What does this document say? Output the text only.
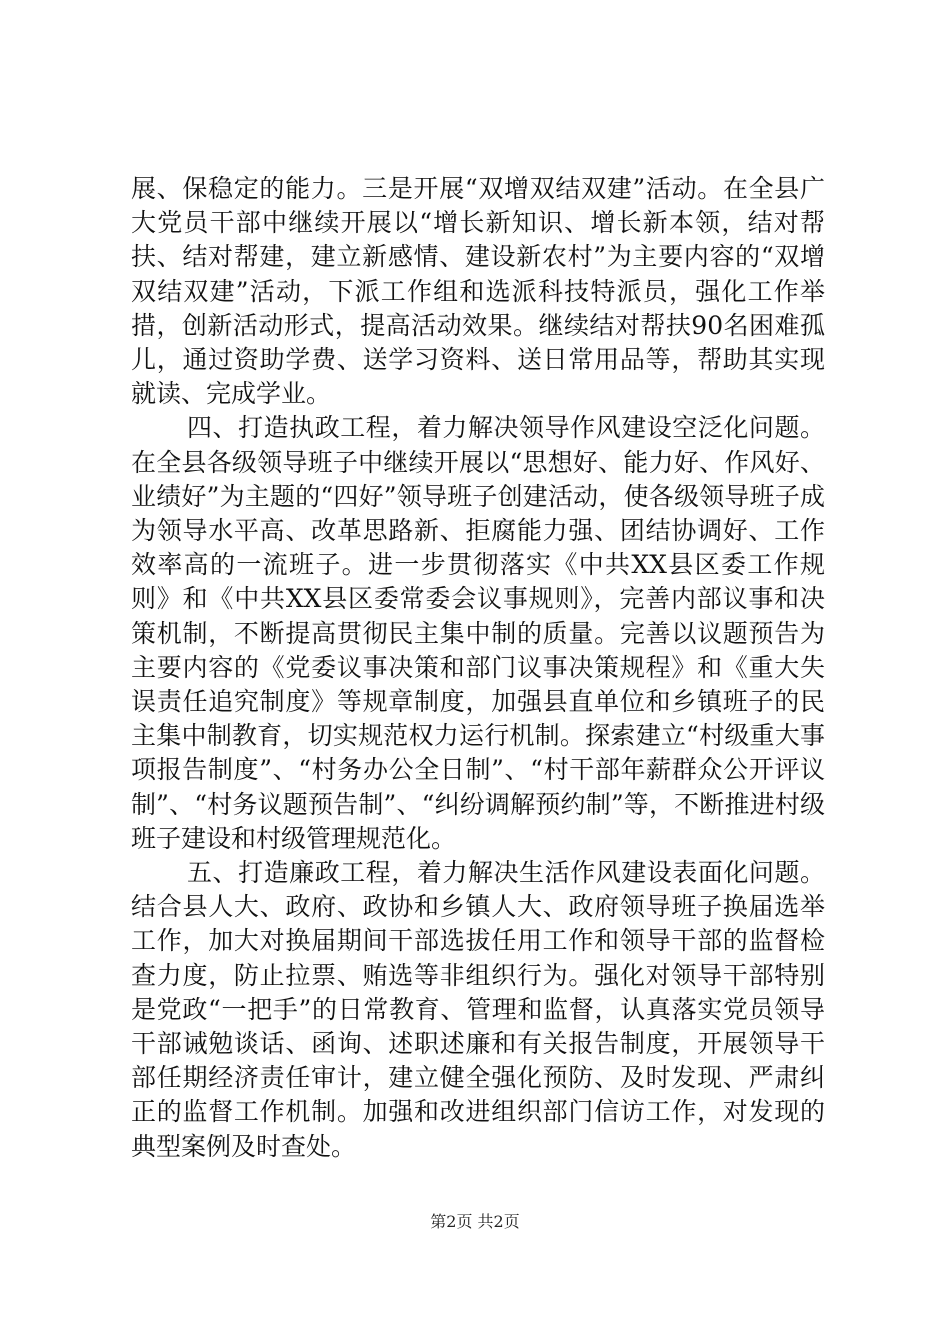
展、保稳定的能力。三是开展“双增双结双建”活动。在全县广大党员干部中继续开展以“增长新知识、增长新本领，结对帮扶、结对帮建，建立新感情、建设新农村”为主要内容的“双增双结双建”活动，下派工作组和选派科技特派员，强化工作举措，创新活动形式，提高活动效果。继续结对帮扶90名困难孤儿，通过资助学费、送学习资料、送日常用品等，帮助其实现就读、完成学业。

四、打造执政工程，着力解决领导作风建设空泛化问题。在全县各级领导班子中继续开展以“思想好、能力好、作风好、业绩好”为主题的“四好”领导班子创建活动，使各级领导班子成为领导水平高、改革思路新、拒腐能力强、团结协调好、工作效率高的一流班子。进一步贯彻落实《中共XX县区委工作规则》和《中共XX县区委常委会议事规则》，完善内部议事和决策机制，不断提高贯彻民主集中制的质量。完善以议题预告为主要内容的《党委议事决策和部门议事决策规程》和《重大失误责任追究制度》等规章制度，加强县直单位和乡镇班子的民主集中制教育，切实规范权力运行机制。探索建立“村级重大事项报告制度”、“村务办公全日制”、“村干部年薪群众公开评议制”、“村务议题预告制”、“纠纷调解预约制”等，不断推进村级班子建设和村级管理规范化。

五、打造廉政工程，着力解决生活作风建设表面化问题。结合县人大、政府、政协和乡镇人大、政府领导班子换届选举工作，加大对换届期间干部选拔任用工作和领导干部的监督检查力度，防止拉票、贿选等非组织行为。强化对领导干部特别是党政“一把手”的日常教育、管理和监督，认真落实党员领导干部诫勉谈话、函询、述职述廉和有关报告制度，开展领导干部任期经济责任审计，建立健全强化预防、及时发现、严肃纠正的监督工作机制。加强和改进组织部门信访工作，对发现的典型案例及时查处。

第2页 共2页
